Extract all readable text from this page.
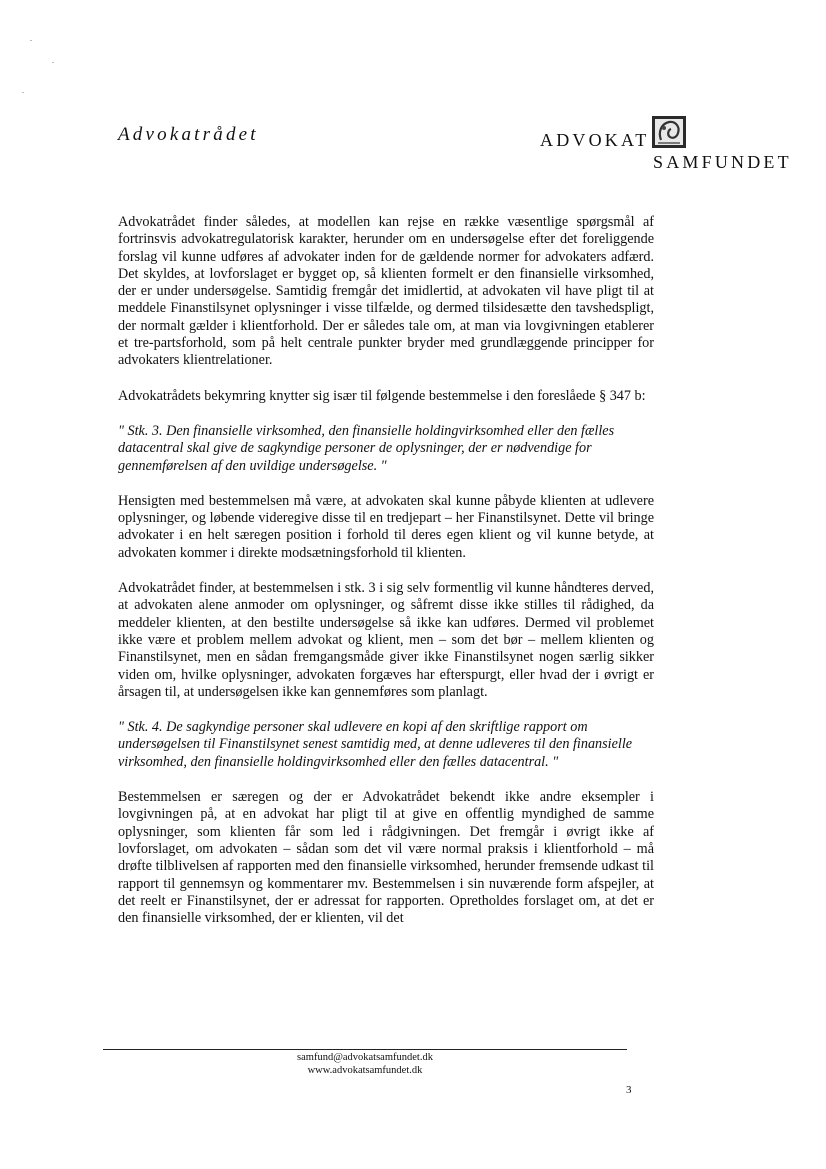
Advokatrådet	ADVOKAT
SAMFUNDET

Advokatrådet finder således, at modellen kan rejse en række væsentlige spørgsmål af fortrinsvis advokatregulatorisk karakter, herunder om en undersøgelse efter det foreliggende forslag vil kunne udføres af advokater inden for de gældende normer for advokaters adfærd. Det skyldes, at lovforslaget er bygget op, så klienten formelt er den finansielle virksomhed, der er under undersøgelse. Samtidig fremgår det imidlertid, at advokaten vil have pligt til at meddele Finanstilsynet oplysninger i visse tilfælde, og dermed tilsidesætte den tavshedspligt, der normalt gælder i klientforhold. Der er således tale om, at man via lovgivningen etablerer et tre-partsforhold, som på helt centrale punkter bryder med grundlæggende principper for advokaters klientrelationer.

Advokatrådets bekymring knytter sig især til følgende bestemmelse i den foreslåede § 347 b:

" Stk. 3. Den finansielle virksomhed, den finansielle holdingvirksomhed eller den fælles datacentral skal give de sagkyndige personer de oplysninger, der er nødvendige for gennemførelsen af den uvildige undersøgelse. "

Hensigten med bestemmelsen må være, at advokaten skal kunne påbyde klienten at udlevere oplysninger, og løbende videregive disse til en tredjepart – her Finanstilsynet. Dette vil bringe advokater i en helt særegen position i forhold til deres egen klient og vil kunne betyde, at advokaten kommer i direkte modsætningsforhold til klienten.

Advokatrådet finder, at bestemmelsen i stk. 3 i sig selv formentlig vil kunne håndteres derved, at advokaten alene anmoder om oplysninger, og såfremt disse ikke stilles til rådighed, da meddeler klienten, at den bestilte undersøgelse så ikke kan udføres. Dermed vil problemet ikke være et problem mellem advokat og klient, men – som det bør – mellem klienten og Finanstilsynet, men en sådan fremgangsmåde giver ikke Finanstilsynet nogen særlig sikker viden om, hvilke oplysninger, advokaten forgæves har efterspurgt, eller hvad der i øvrigt er årsagen til, at undersøgelsen ikke kan gennemføres som planlagt.

" Stk. 4. De sagkyndige personer skal udlevere en kopi af den skriftlige rapport om undersøgelsen til Finanstilsynet senest samtidig med, at denne udleveres til den finansielle virksomhed, den finansielle holdingvirksomhed eller den fælles datacentral. "

Bestemmelsen er særegen og der er Advokatrådet bekendt ikke andre eksempler i lovgivningen på, at en advokat har pligt til at give en offentlig myndighed de samme oplysninger, som klienten får som led i rådgivningen. Det fremgår i øvrigt ikke af lovforslaget, om advokaten – sådan som det vil være normal praksis i klientforhold – må drøfte tilblivelsen af rapporten med den finansielle virksomhed, herunder fremsende udkast til rapport til gennemsyn og kommentarer mv. Bestemmelsen i sin nuværende form afspejler, at det reelt er Finanstilsynet, der er adressat for rapporten. Opretholdes forslaget om, at det er den finansielle virksomhed, der er klienten, vil det

samfund@advokatsamfundet.dk
www.advokatsamfundet.dk
3
